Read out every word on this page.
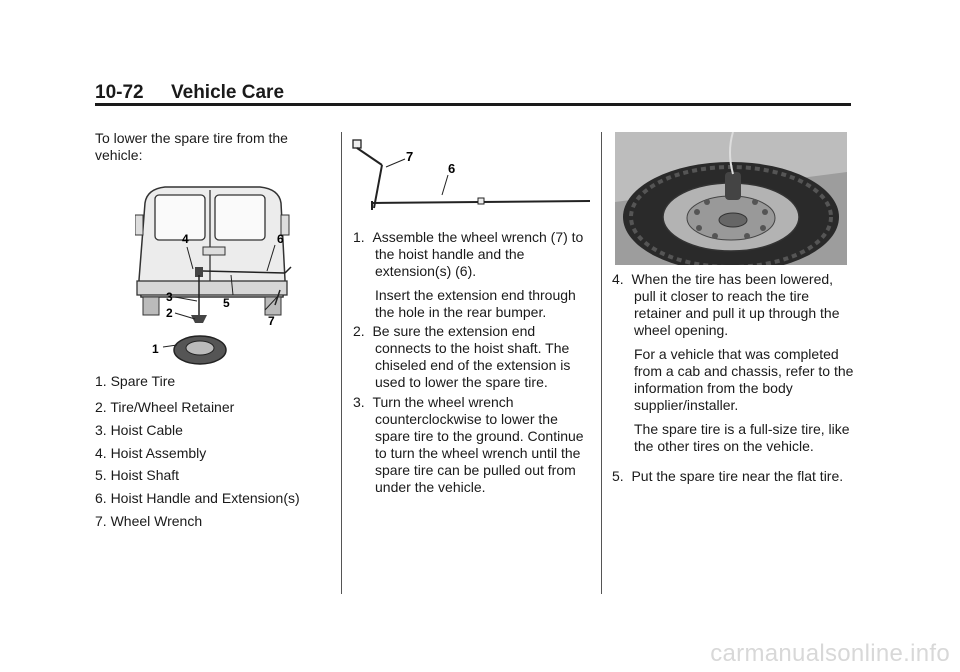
10-72 Vehicle Care

To lower the spare tire from the vehicle:

4	6
3	5
2
7
1
1. Spare Tire
2. Tire/Wheel Retainer
3. Hoist Cable
4. Hoist Assembly
5. Hoist Shaft
6. Hoist Handle and Extension(s)
7. Wheel Wrench
7
6
1. Assemble the wheel wrench (7) to the hoist handle and the extension(s) (6).
Insert the extension end through the hole in the rear bumper.
2. Be sure the extension end connects to the hoist shaft. The chiseled end of the extension is used to lower the spare tire.
3. Turn the wheel wrench counterclockwise to lower the spare tire to the ground. Continue to turn the wheel wrench until the spare tire can be pulled out from under the vehicle.
4. When the tire has been lowered, pull it closer to reach the tire retainer and pull it up through the wheel opening.
For a vehicle that was completed from a cab and chassis, refer to the information from the body supplier/installer.
The spare tire is a full-size tire, like the other tires on the vehicle.
5. Put the spare tire near the flat tire.
carmanualsonline.info
